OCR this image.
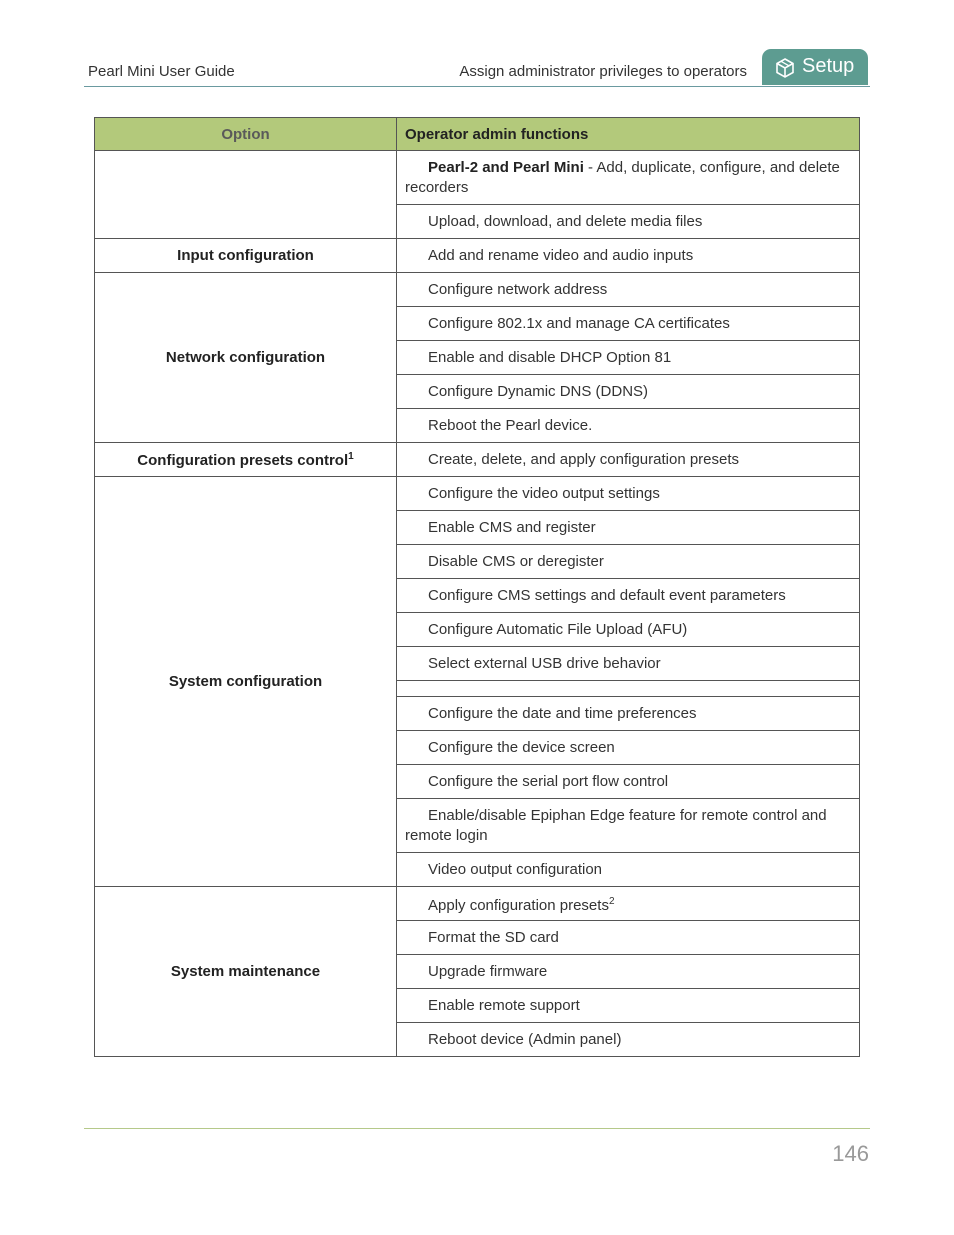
Pearl Mini User Guide	Assign administrator privileges to operators	Setup
Option	Operator admin functions
	Pearl-2 and Pearl Mini - Add, duplicate, configure, and delete recorders
	Upload, download, and delete media files
Input configuration	Add and rename video and audio inputs
Network configuration	Configure network address
	Configure 802.1x and manage CA certificates
	Enable and disable DHCP Option 81
	Configure Dynamic DNS (DDNS)
	Reboot the Pearl device.
Configuration presets control$^1$	Create, delete, and apply configuration presets
System configuration	Configure the video output settings
	Enable CMS and register
	Disable CMS or deregister
	Configure CMS settings and default event parameters
	Configure Automatic File Upload (AFU)
	Select external USB drive behavior

	Configure the date and time preferences
	Configure the device screen
	Configure the serial port flow control
	Enable/disable Epiphan Edge feature for remote control and remote login
	Video output configuration
System maintenance	Apply configuration presets$^2$
	Format the SD card
	Upgrade firmware
	Enable remote support
	Reboot device (Admin panel)
146
